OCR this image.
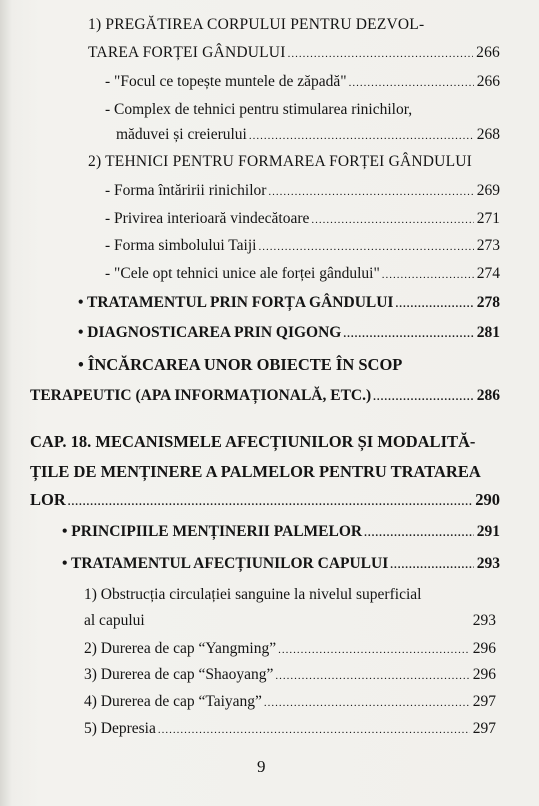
1) PREGĂTIREA CORPULUI PENTRU DEZVOL-
TAREA FORȚEI GÂNDULUI .....	266
- "Focul ce topește muntele de zăpadă" .....	266
- Complex de tehnici pentru stimularea rinichilor,
măduvei și creierului .....	268
2) TEHNICI PENTRU FORMAREA FORȚEI GÂNDULUI
- Forma întăririi rinichilor .....	269
- Privirea interioară vindecătoare .....	271
- Forma simbolului Taiji .....	273
- "Cele opt tehnici unice ale forței gândului" .....	274
• TRATAMENTUL PRIN FORȚA GÂNDULUI .....	278
• DIAGNOSTICAREA PRIN QIGONG .....	281
• ÎNCĂRCAREA UNOR OBIECTE ÎN SCOP
TERAPEUTIC (APA INFORMAȚIONALĂ, ETC.) .....	286
CAP. 18. MECANISMELE AFECȚIUNILOR ȘI MODALITĂ-
ȚILE DE MENȚINERE A PALMELOR PENTRU TRATAREA
LOR .....	290
• PRINCIPIILE MENȚINERII PALMELOR .....	291
• TRATAMENTUL AFECȚIUNILOR CAPULUI .....	293
1) Obstrucția circulației sanguine la nivelul superficial
al capului	293
2) Durerea de cap “Yangming” .....	296
3) Durerea de cap “Shaoyang” .....	296
4) Durerea de cap “Taiyang” .....	297
5) Depresia .....	297
9
